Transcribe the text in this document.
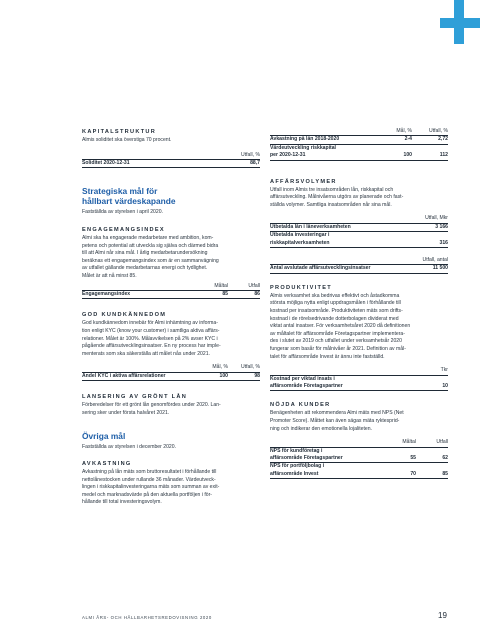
KAPITALSTRUKTUR

Almis soliditet ska överstiga 70 procent.

	Utfall, %
Soliditet 2020-12-31	88,7

Strategiska mål för

hållbart värdeskapande

Fastställda av styrelsen i april 2020.

ENGAGEMANGSINDEX

Almi ska ha engagerade medarbetare med ambition, kom-

petens och potential att utveckla sig själva och därmed bidra

till att Almi når sina mål. I årlig medarbetarundersökning

beräknas ett engagemangsindex som är en sammanvägning

av utfallet gällande medarbetarnas energi och tydlighet.

Målet är att nå minst 85.

	Måltal	Utfall
Engagemangsindex	85	86

GOD KUNDKÄNNEDOM

God kundkännedom innebär för Almi inhämtning av informa-

tion enligt KYC (know your customer) i samtliga aktiva affärs-

relationer. Målet är 100%. Målavvikelsen på 2% avser KYC i

pågående affärsutvecklingsinsatser. En ny process har imple-

menterats som ska säkerställa att målet nås under 2021.

	Mål, %	Utfall, %
Andel KYC i aktiva affärsrelationer	100	98

LANSERING AV GRÖNT LÅN

Förberedelser för ett grönt lån genomfördes under 2020. Lan-

sering sker under första halvåret 2021.

Övriga mål

Fastställda av styrelsen i december 2020.

AVKASTNING

Avkastning på lån mäts som bruttoresultatet i förhållande till

nettolånestocken under rullande 36 månader. Värdeutveck-

lingen i riskkapitalinvesteringarna mäts som summan av exit-

medel och marknadsvärde på den aktuella portföljen i för-

hållande till total investeringsvolym.

	Mål, %	Utfall, %
Avkastning på lån 2018-2020	2-4	2,72
Värdeutveckling riskkapital
per 2020-12-31	100	112

AFFÄRSVOLYMER

Utfall inom Almis tre insatsområden lån, riskkapital och

affärsutveckling. Målnivåerna utgörs av planerade och fast-

ställda volymer. Samtliga insatsområden når sina mål.

	Utfall, Mkr
Utbetalda lån i låneverksamheten	3 166
Utbetalda investeringar i
riskkapitalverksamheten	316
	Utfall, antal
Antal avslutade affärsutvecklingsinsatser	11 500

PRODUKTIVITET

Almis verksamhet ska bedrivas effektivt och åstadkomma

största möjliga nytta enligt uppdragsmålen i förhållande till

kostnad per insatsområde. Produktiviteten mäts som drifts-

kostnad i de rörelsedrivande dotterbolagen dividerat med

viktat antal insatser. För verksamhetsåret 2020 då definitionen

av måltalet för affärsområde Företagspartner implementera-

des i slutet av 2019 och utfallet under verksamhetsår 2020

fungerar som basår för målnivåer år 2021. Definition av mål-

talet för affärsområde Invest är ännu inte fastställd.

	Tkr
Kostnad per viktad insats i
affärsområde Företagspartner	10

NÖJDA KUNDER

Benägenheten att rekommendera Almi mäts med NPS (Net

Promoter Score). Måttet kan även sägas mäta ryktesprid-

ning och indikerar den emotionella lojaliteten.

	Måltal	Utfall
NPS för kundföretag i
affärsområde Företagspartner	55	62
NPS för portföljbolag i
affärsområde Invest	70	85
ALMI ÅRS- OCH HÅLLBARHETSREDOVISNING 2020	19
